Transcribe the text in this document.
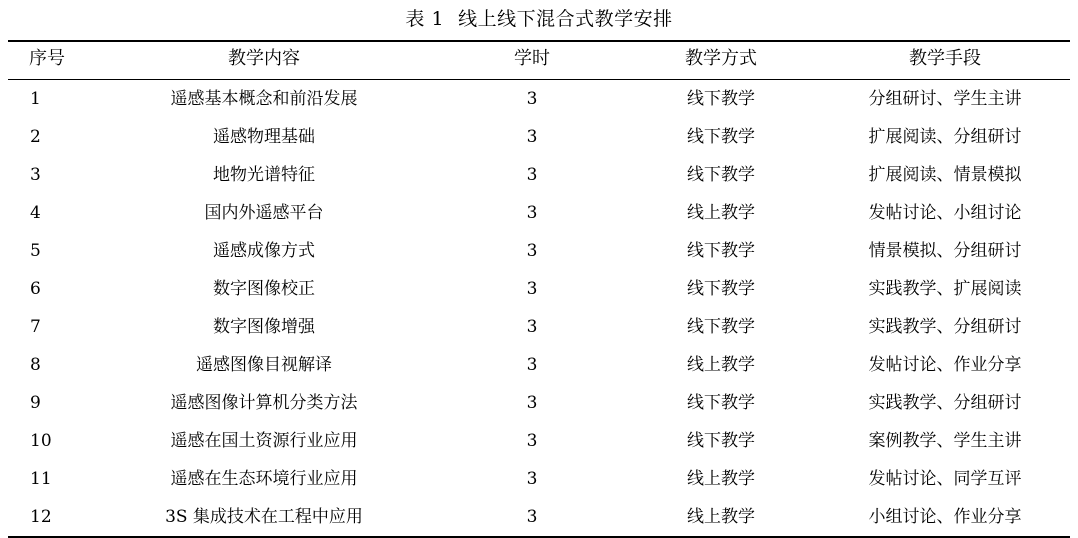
表 1 线上线下混合式教学安排
序号	教学内容	学时	教学方式	教学手段
1	遥感基本概念和前沿发展	3	线下教学	分组研讨、学生主讲
2	遥感物理基础	3	线下教学	扩展阅读、分组研讨
3	地物光谱特征	3	线下教学	扩展阅读、情景模拟
4	国内外遥感平台	3	线上教学	发帖讨论、小组讨论
5	遥感成像方式	3	线下教学	情景模拟、分组研讨
6	数字图像校正	3	线下教学	实践教学、扩展阅读
7	数字图像增强	3	线下教学	实践教学、分组研讨
8	遥感图像目视解译	3	线上教学	发帖讨论、作业分享
9	遥感图像计算机分类方法	3	线下教学	实践教学、分组研讨
10	遥感在国土资源行业应用	3	线下教学	案例教学、学生主讲
11	遥感在生态环境行业应用	3	线上教学	发帖讨论、同学互评
12	3S 集成技术在工程中应用	3	线上教学	小组讨论、作业分享
